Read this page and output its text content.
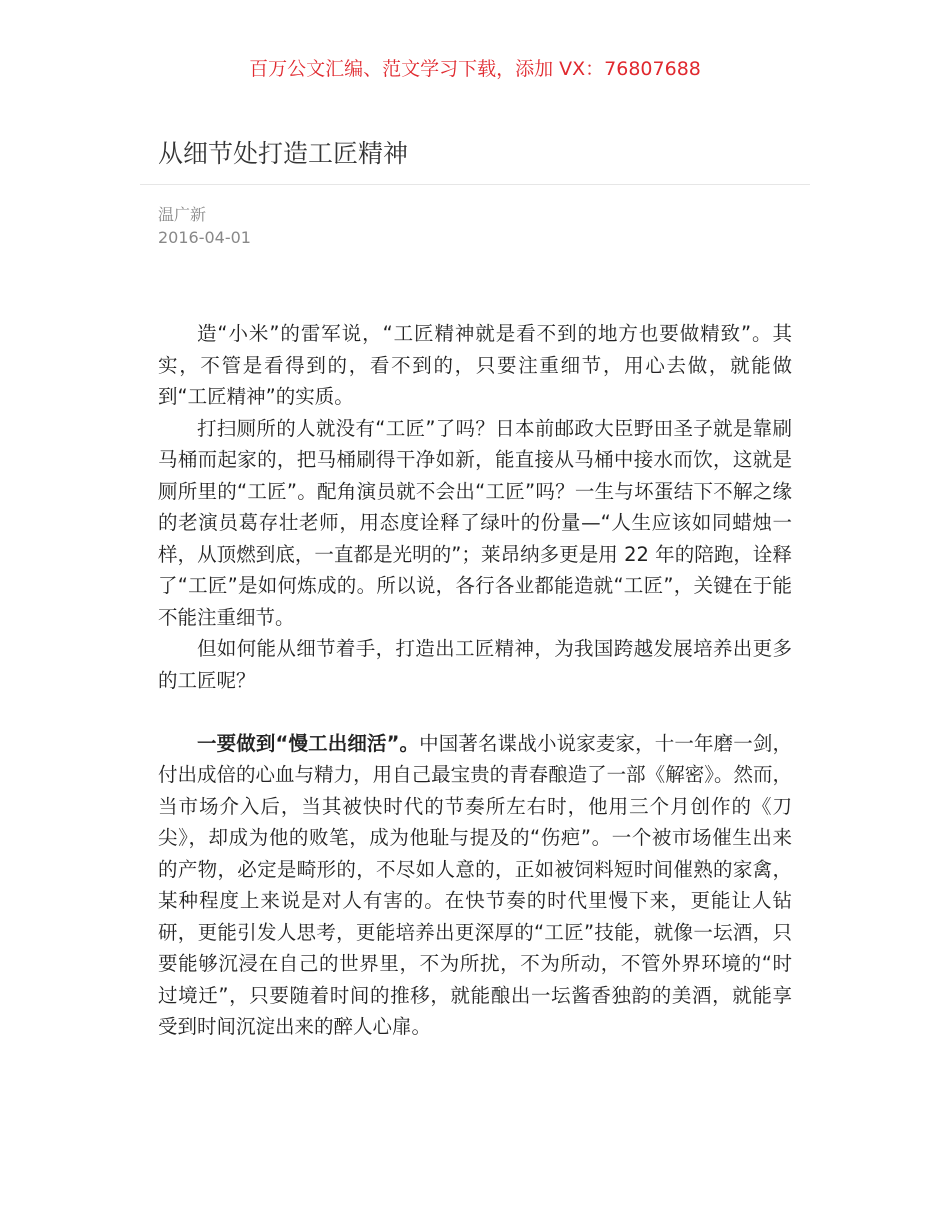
百万公文汇编、范文学习下载，添加 VX：76807688
从细节处打造工匠精神
温广新
2016-04-01

造“小米”的雷军说，“工匠精神就是看不到的地方也要做精致”。其实，不管是看得到的，看不到的，只要注重细节，用心去做，就能做到“工匠精神”的实质。

打扫厕所的人就没有“工匠”了吗？日本前邮政大臣野田圣子就是靠刷马桶而起家的，把马桶刷得干净如新，能直接从马桶中接水而饮，这就是厕所里的“工匠”。配角演员就不会出“工匠”吗？一生与坏蛋结下不解之缘的老演员葛存壮老师，用态度诠释了绿叶的份量—“人生应该如同蜡烛一样，从顶燃到底，一直都是光明的”；莱昂纳多更是用 22 年的陪跑，诠释了“工匠”是如何炼成的。所以说，各行各业都能造就“工匠”，关键在于能不能注重细节。

但如何能从细节着手，打造出工匠精神，为我国跨越发展培养出更多的工匠呢？

一要做到“慢工出细活”。中国著名谍战小说家麦家，十一年磨一剑，付出成倍的心血与精力，用自己最宝贵的青春酿造了一部《解密》。然而，当市场介入后，当其被快时代的节奏所左右时，他用三个月创作的《刀尖》，却成为他的败笔，成为他耻与提及的“伤疤”。一个被市场催生出来的产物，必定是畸形的，不尽如人意的，正如被饲料短时间催熟的家禽，某种程度上来说是对人有害的。在快节奏的时代里慢下来，更能让人钻研，更能引发人思考，更能培养出更深厚的“工匠”技能，就像一坛酒，只要能够沉浸在自己的世界里，不为所扰，不为所动，不管外界环境的“时过境迁”，只要随着时间的推移，就能酿出一坛酱香独韵的美酒，就能享受到时间沉淀出来的醉人心扉。
